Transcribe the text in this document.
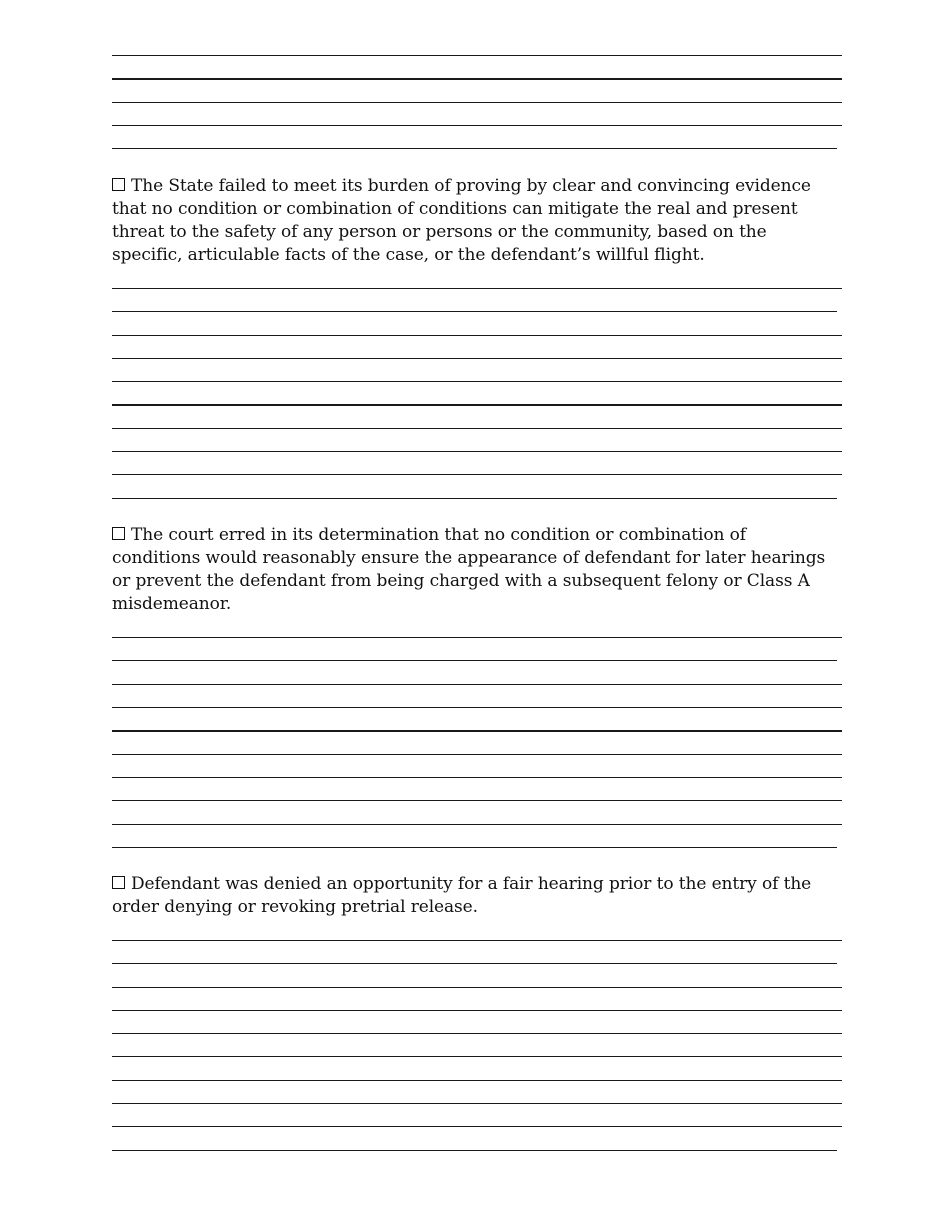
The State failed to meet its burden of proving by clear and convincing evidence that no condition or combination of conditions can mitigate the real and present threat to the safety of any person or persons or the community, based on the specific, articulable facts of the case, or the defendant’s willful flight.

The court erred in its determination that no condition or combination of conditions would reasonably ensure the appearance of defendant for later hearings or prevent the defendant from being charged with a subsequent felony or Class A misdemeanor.

Defendant was denied an opportunity for a fair hearing prior to the entry of the order denying or revoking pretrial release.
